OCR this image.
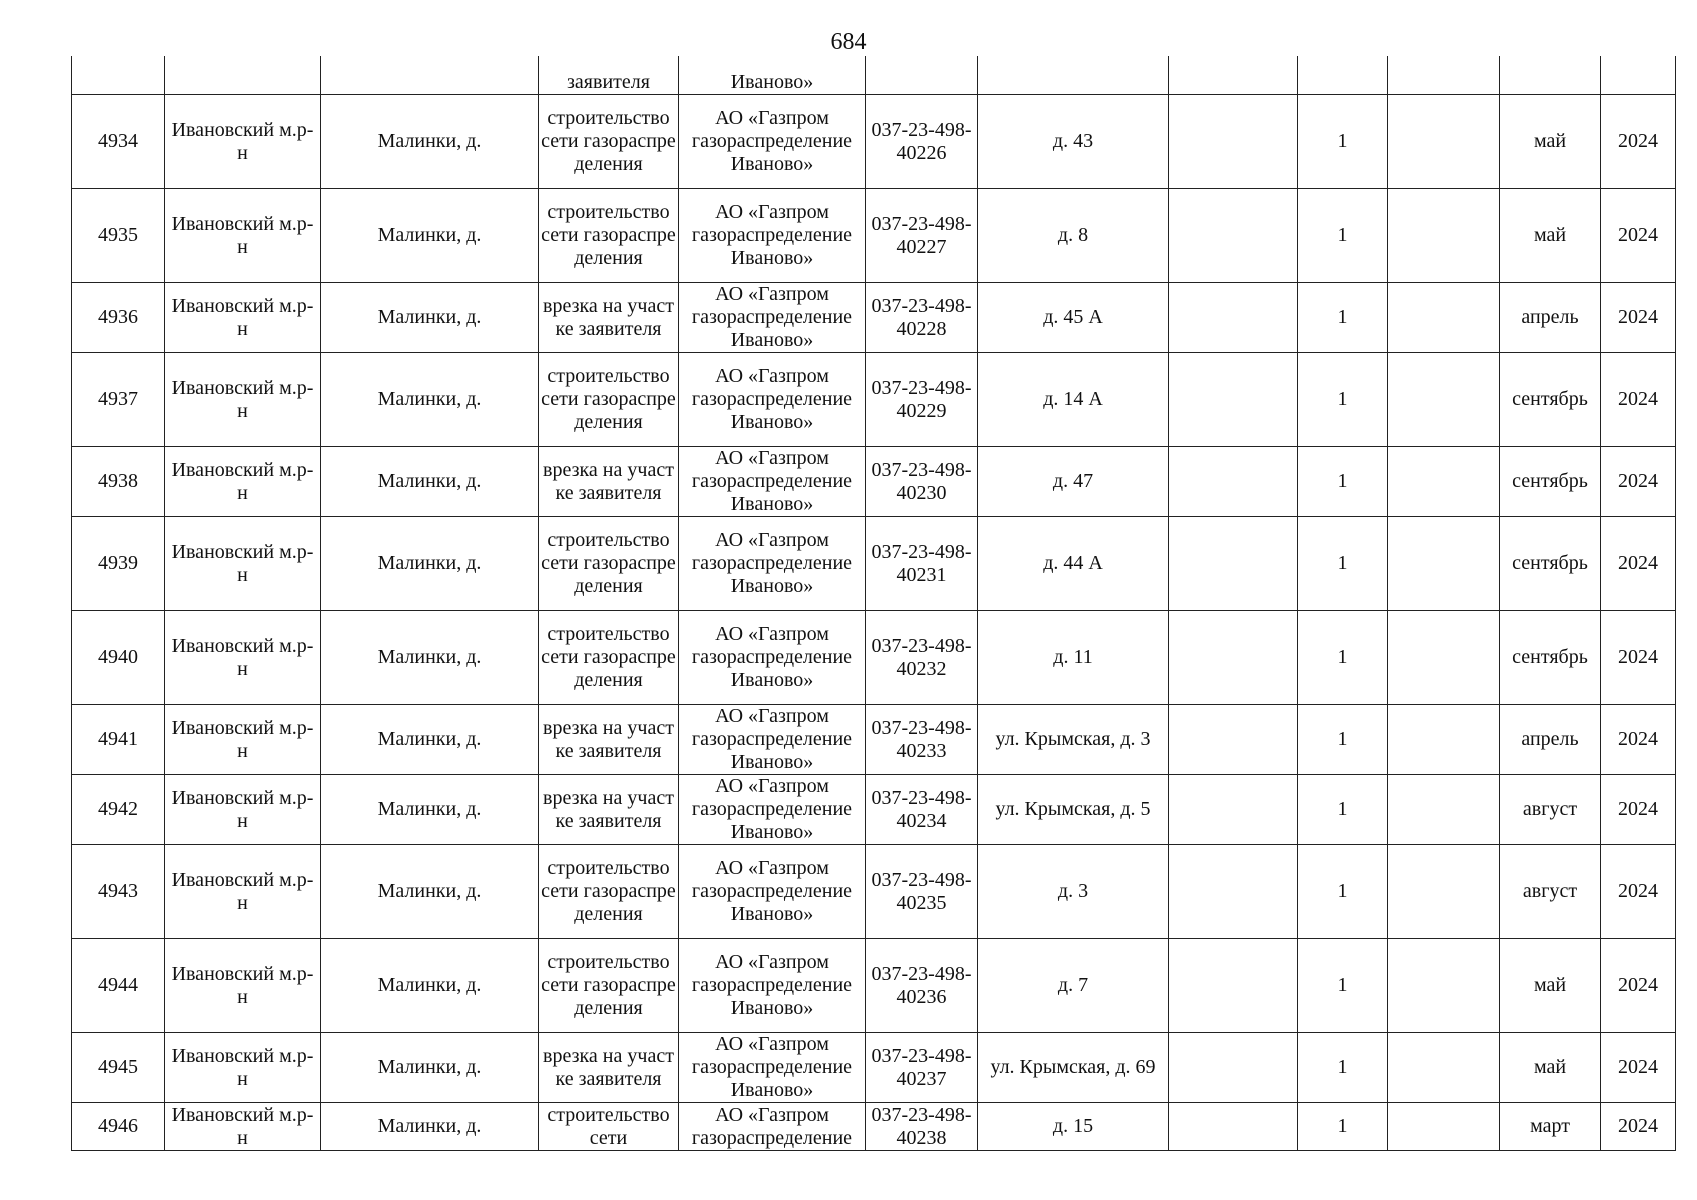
684
			заявителя	Иваново»							
4934	Ивановский м.р-н	Малинки, д.	строительство сети газораспределения	АО «Газпром газораспределение Иваново»	037-23-498-40226	д. 43		1		май	2024
4935	Ивановский м.р-н	Малинки, д.	строительство сети газораспределения	АО «Газпром газораспределение Иваново»	037-23-498-40227	д. 8		1		май	2024
4936	Ивановский м.р-н	Малинки, д.	врезка на участке заявителя	АО «Газпром газораспределение Иваново»	037-23-498-40228	д. 45 А		1		апрель	2024
4937	Ивановский м.р-н	Малинки, д.	строительство сети газораспределения	АО «Газпром газораспределение Иваново»	037-23-498-40229	д. 14 А		1		сентябрь	2024
4938	Ивановский м.р-н	Малинки, д.	врезка на участке заявителя	АО «Газпром газораспределение Иваново»	037-23-498-40230	д. 47		1		сентябрь	2024
4939	Ивановский м.р-н	Малинки, д.	строительство сети газораспределения	АО «Газпром газораспределение Иваново»	037-23-498-40231	д. 44 А		1		сентябрь	2024
4940	Ивановский м.р-н	Малинки, д.	строительство сети газораспределения	АО «Газпром газораспределение Иваново»	037-23-498-40232	д. 11		1		сентябрь	2024
4941	Ивановский м.р-н	Малинки, д.	врезка на участке заявителя	АО «Газпром газораспределение Иваново»	037-23-498-40233	ул. Крымская, д. 3		1		апрель	2024
4942	Ивановский м.р-н	Малинки, д.	врезка на участке заявителя	АО «Газпром газораспределение Иваново»	037-23-498-40234	ул. Крымская, д. 5		1		август	2024
4943	Ивановский м.р-н	Малинки, д.	строительство сети газораспределения	АО «Газпром газораспределение Иваново»	037-23-498-40235	д. 3		1		август	2024
4944	Ивановский м.р-н	Малинки, д.	строительство сети газораспределения	АО «Газпром газораспределение Иваново»	037-23-498-40236	д. 7		1		май	2024
4945	Ивановский м.р-н	Малинки, д.	врезка на участке заявителя	АО «Газпром газораспределение Иваново»	037-23-498-40237	ул. Крымская, д. 69		1		май	2024
4946	Ивановский м.р-н	Малинки, д.	строительство сети	АО «Газпром газораспределение	037-23-498-40238	д. 15		1		март	2024
